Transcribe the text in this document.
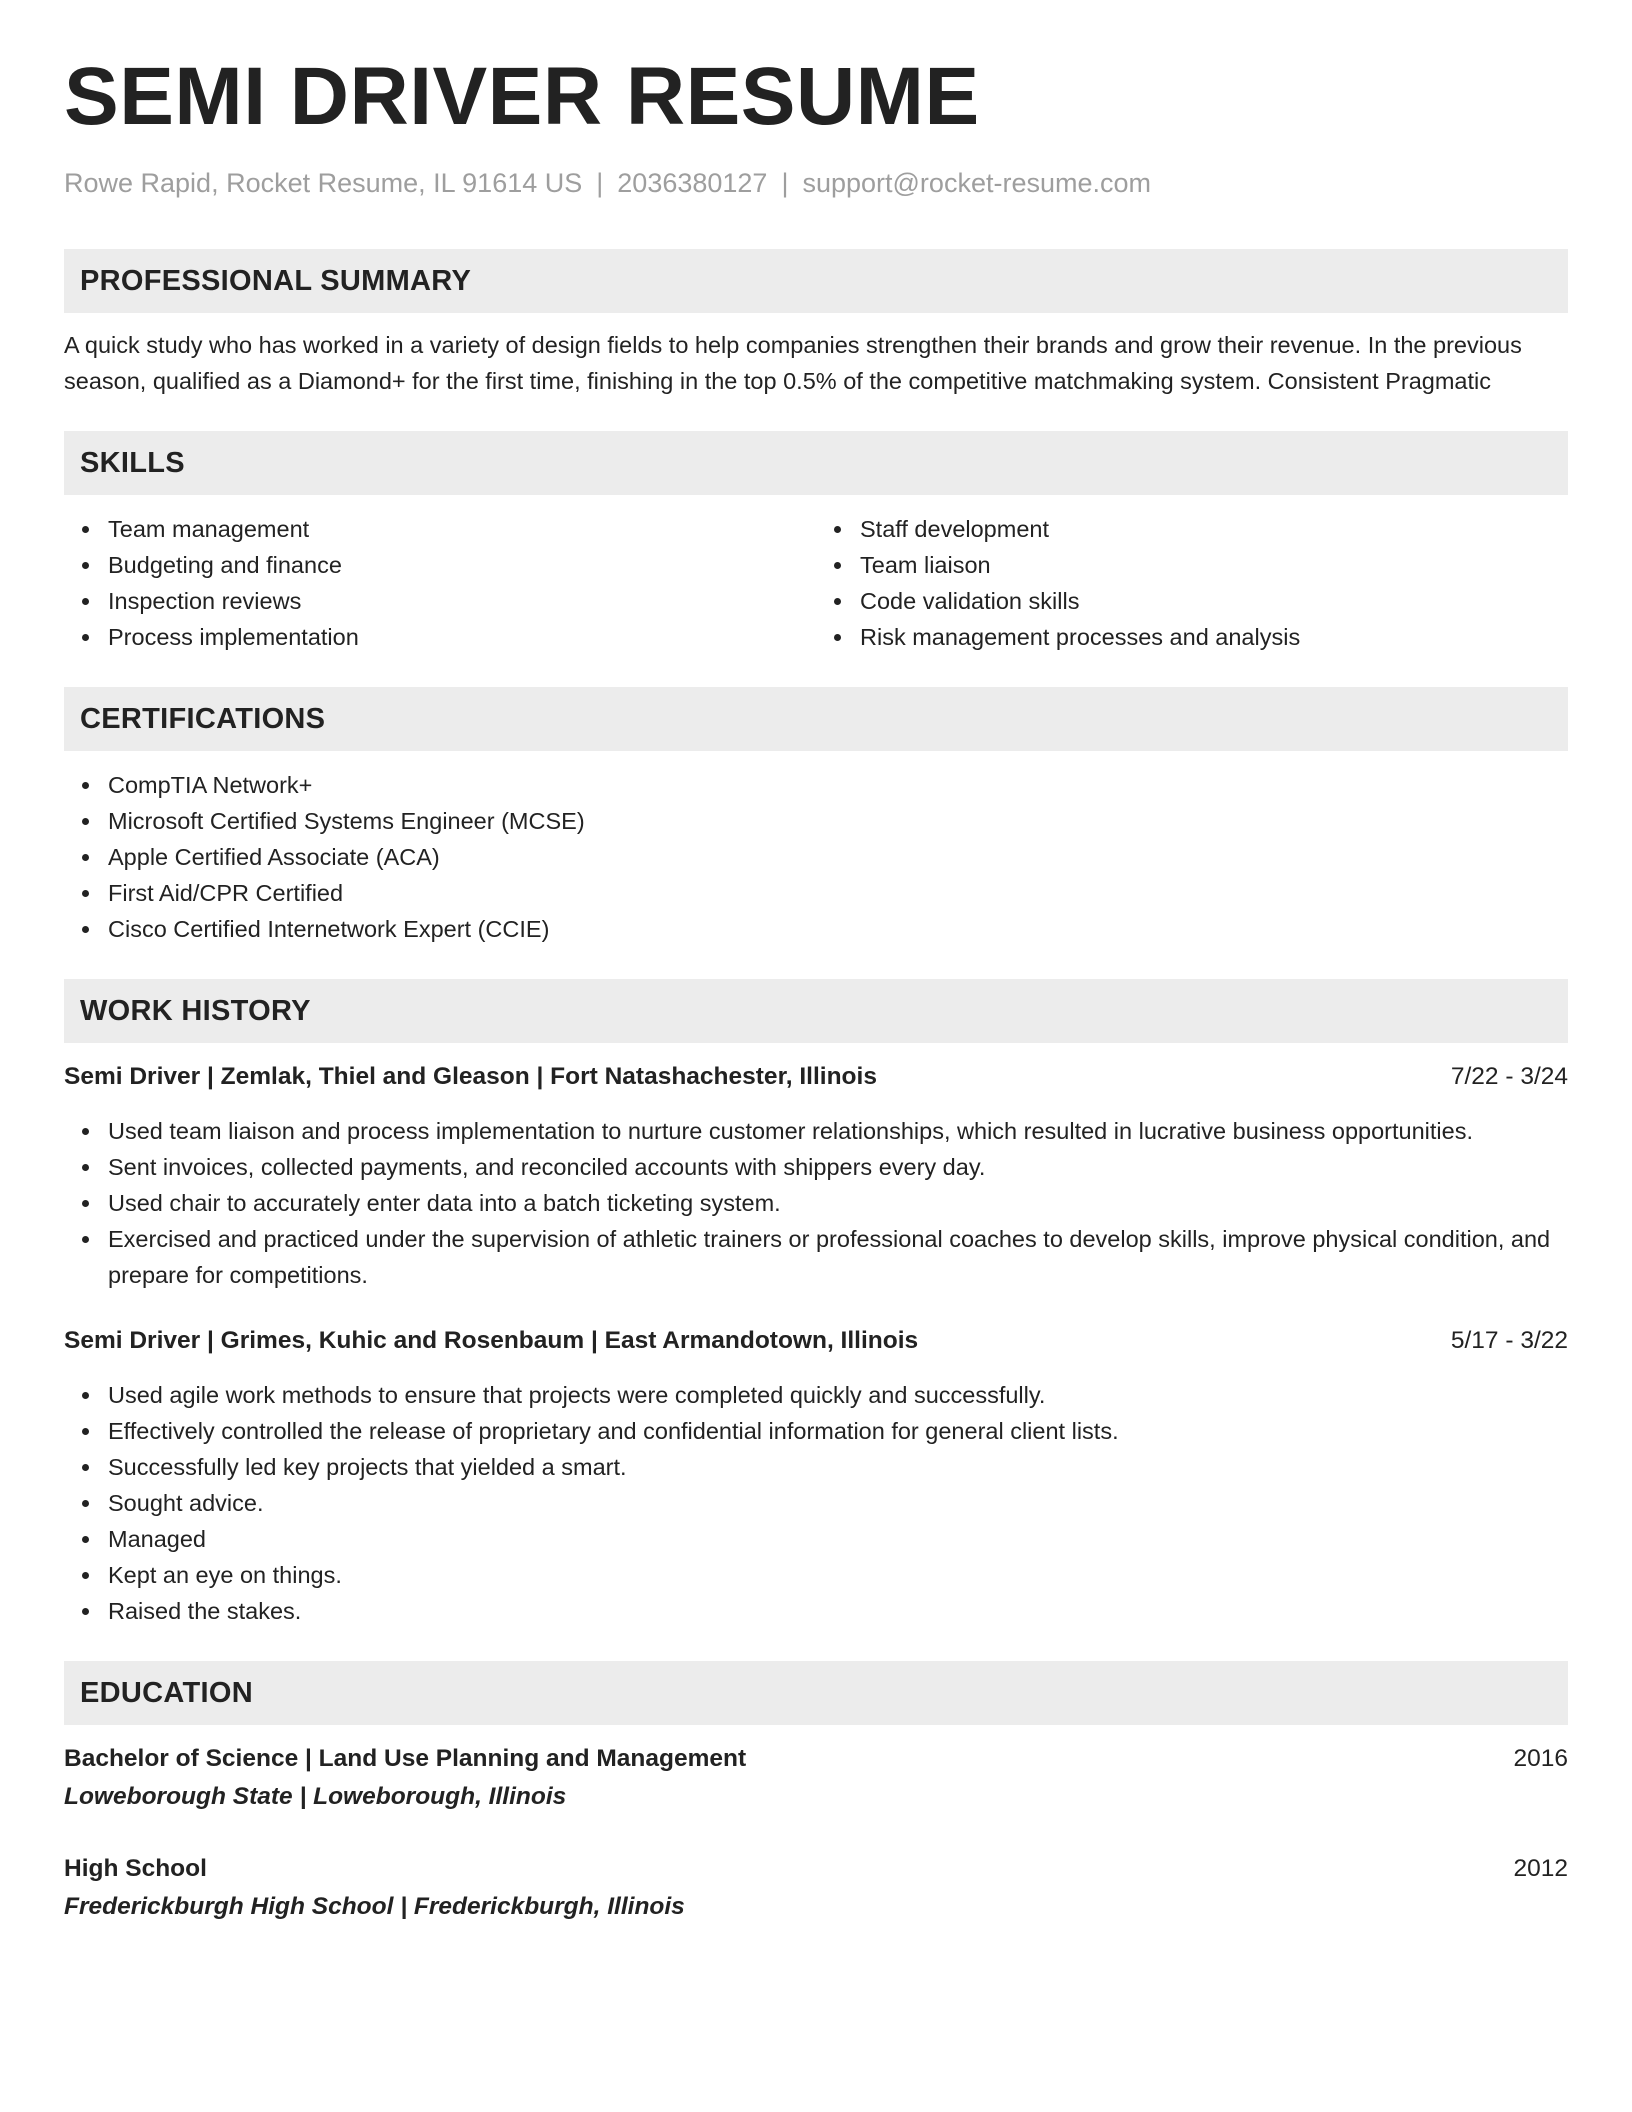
SEMI DRIVER RESUME
Rowe Rapid, Rocket Resume, IL 91614 US | 2036380127 | support@rocket-resume.com
PROFESSIONAL SUMMARY

A quick study who has worked in a variety of design fields to help companies strengthen their brands and grow their revenue. In the previous season, qualified as a Diamond+ for the first time, finishing in the top 0.5% of the competitive matchmaking system. Consistent Pragmatic

SKILLS
Team management
Budgeting and finance
Inspection reviews
Process implementation
Staff development
Team liaison
Code validation skills
Risk management processes and analysis
CERTIFICATIONS
CompTIA Network+
Microsoft Certified Systems Engineer (MCSE)
Apple Certified Associate (ACA)
First Aid/CPR Certified
Cisco Certified Internetwork Expert (CCIE)
WORK HISTORY
Semi Driver | Zemlak, Thiel and Gleason | Fort Natashachester, Illinois	7/22 - 3/24
Used team liaison and process implementation to nurture customer relationships, which resulted in lucrative business opportunities.
Sent invoices, collected payments, and reconciled accounts with shippers every day.
Used chair to accurately enter data into a batch ticketing system.
Exercised and practiced under the supervision of athletic trainers or professional coaches to develop skills, improve physical condition, and prepare for competitions.
Semi Driver | Grimes, Kuhic and Rosenbaum | East Armandotown, Illinois	5/17 - 3/22
Used agile work methods to ensure that projects were completed quickly and successfully.
Effectively controlled the release of proprietary and confidential information for general client lists.
Successfully led key projects that yielded a smart.
Sought advice.
Managed
Kept an eye on things.
Raised the stakes.
EDUCATION
Bachelor of Science | Land Use Planning and Management	2016
Loweborough State | Loweborough, Illinois
High School	2012
Frederickburgh High School | Frederickburgh, Illinois
